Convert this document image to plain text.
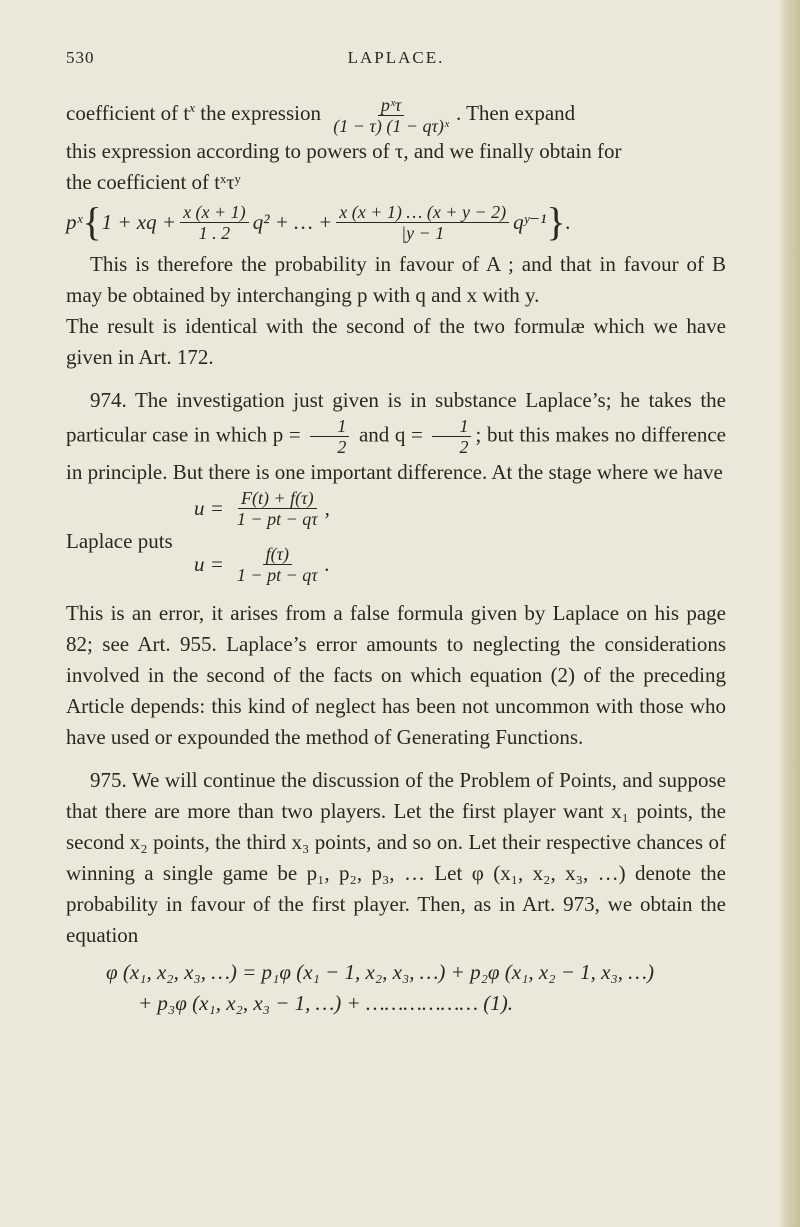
530	LAPLACE.

coefficient of $t^x$ the expression $\frac{\text{pˣτ}}{\text{(1 − τ) (1 − qτ)ˣ}}$ . Then expand
this expression according to powers of τ, and we finally obtain for
the coefficient of tˣτʸ

pˣ { 1 + xq + $\frac{x (x + 1)}{1 . 2} q^2$ + … + $\frac{x (x + 1) \dots (x + y - 2)}{|y - 1}$ qʸ⁻¹ } .

This is therefore the probability in favour of A ; and that in favour of B may be obtained by interchanging p with q and x with y.

The result is identical with the second of the two formulæ which we have given in Art. 172.

974. The investigation just given is in substance Laplace’s; he takes the particular case in which $p = \frac{1}{2}$ and $q = \frac{1}{2}$ ; but this makes no difference in principle. But there is one important difference. At the stage where we have

$u = \frac{F(t) + f(\tau)}{1 - pt - q\tau}$ ,
Laplace puts
$u = \frac{f(\tau)}{1 - pt - q\tau}$ .

This is an error, it arises from a false formula given by Laplace on his page 82; see Art. 955. Laplace’s error amounts to neglecting the considerations involved in the second of the facts on which equation (2) of the preceding Article depends: this kind of neglect has been not uncommon with those who have used or expounded the method of Generating Functions.

975. We will continue the discussion of the Problem of Points, and suppose that there are more than two players. Let the first player want x₁ points, the second x₂ points, the third x₃ points, and so on. Let their respective chances of winning a single game be p₁, p₂, p₃, … Let φ (x₁, x₂, x₃, …) denote the probability in favour of the first player. Then, as in Art. 973, we obtain the equation

φ (x₁, x₂, x₃, …) = p₁φ (x₁ − 1, x₂, x₃, …) + p₂φ (x₁, x₂ − 1, x₃, …)
+ p₃φ (x₁, x₂, x₃ − 1, …) + ……………… (1).
